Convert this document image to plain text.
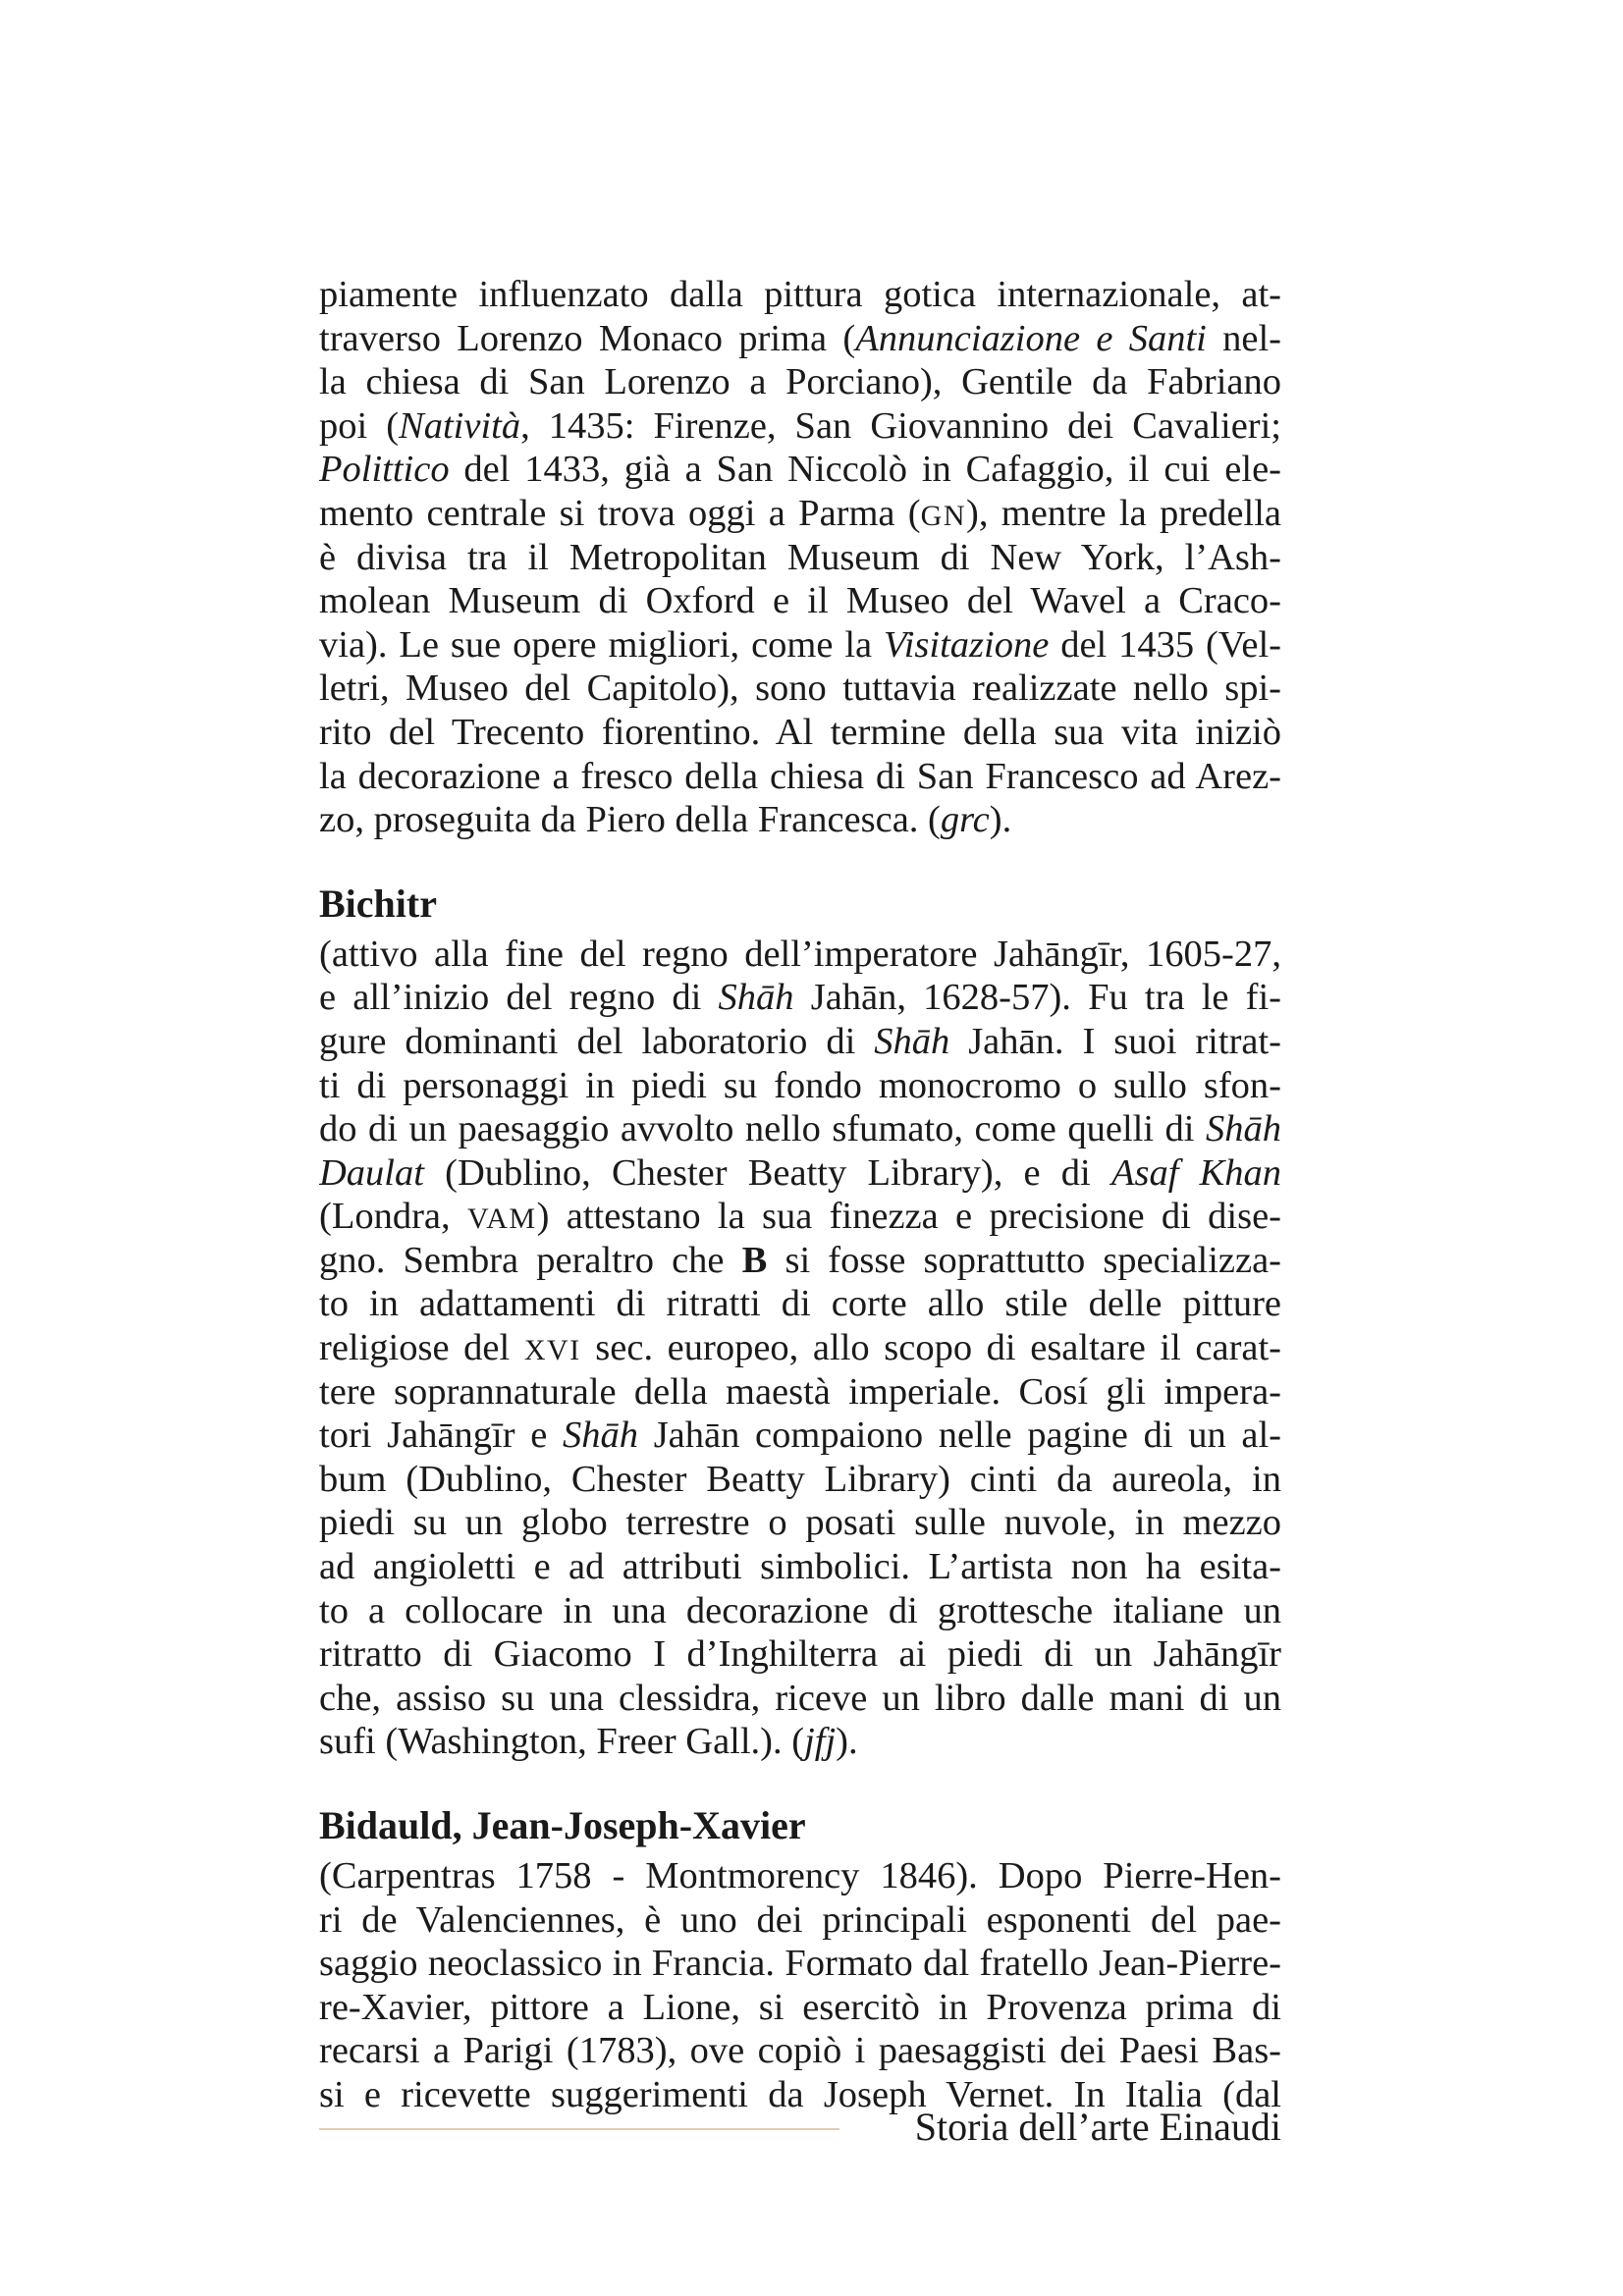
piamente influenzato dalla pittura gotica internazionale, at-
traverso Lorenzo Monaco prima (Annunciazione e Santi nel-
la chiesa di San Lorenzo a Porciano), Gentile da Fabriano
poi (Natività, 1435: Firenze, San Giovannino dei Cavalieri;
Polittico del 1433, già a San Niccolò in Cafaggio, il cui ele-
mento centrale si trova oggi a Parma (GN), mentre la predella
è divisa tra il Metropolitan Museum di New York, l’Ash-
molean Museum di Oxford e il Museo del Wavel a Craco-
via). Le sue opere migliori, come la Visitazione del 1435 (Vel-
letri, Museo del Capitolo), sono tuttavia realizzate nello spi-
rito del Trecento fiorentino. Al termine della sua vita iniziò
la decorazione a fresco della chiesa di San Francesco ad Arez-
zo, proseguita da Piero della Francesca. (grc).
Bichitr
(attivo alla fine del regno dell’imperatore Jahāngīr, 1605-27,
e all’inizio del regno di Shāh Jahān, 1628-57). Fu tra le fi-
gure dominanti del laboratorio di Shāh Jahān. I suoi ritrat-
ti di personaggi in piedi su fondo monocromo o sullo sfon-
do di un paesaggio avvolto nello sfumato, come quelli di Shāh
Daulat (Dublino, Chester Beatty Library), e di Asaf Khan
(Londra, VAM) attestano la sua finezza e precisione di dise-
gno. Sembra peraltro che B si fosse soprattutto specializza-
to in adattamenti di ritratti di corte allo stile delle pitture
religiose del XVI sec. europeo, allo scopo di esaltare il carat-
tere soprannaturale della maestà imperiale. Cosí gli impera-
tori Jahāngīr e Shāh Jahān compaiono nelle pagine di un al-
bum (Dublino, Chester Beatty Library) cinti da aureola, in
piedi su un globo terrestre o posati sulle nuvole, in mezzo
ad angioletti e ad attributi simbolici. L’artista non ha esita-
to a collocare in una decorazione di grottesche italiane un
ritratto di Giacomo I d’Inghilterra ai piedi di un Jahāngīr
che, assiso su una clessidra, riceve un libro dalle mani di un
sufi (Washington, Freer Gall.). (jfj).
Bidauld, Jean-Joseph-Xavier
(Carpentras 1758 - Montmorency 1846). Dopo Pierre-Hen-
ri de Valenciennes, è uno dei principali esponenti del pae-
saggio neoclassico in Francia. Formato dal fratello Jean-Pierre-
re-Xavier, pittore a Lione, si esercitò in Provenza prima di
recarsi a Parigi (1783), ove copiò i paesaggisti dei Paesi Bas-
si e ricevette suggerimenti da Joseph Vernet. In Italia (dal
Storia dell’arte Einaudi
